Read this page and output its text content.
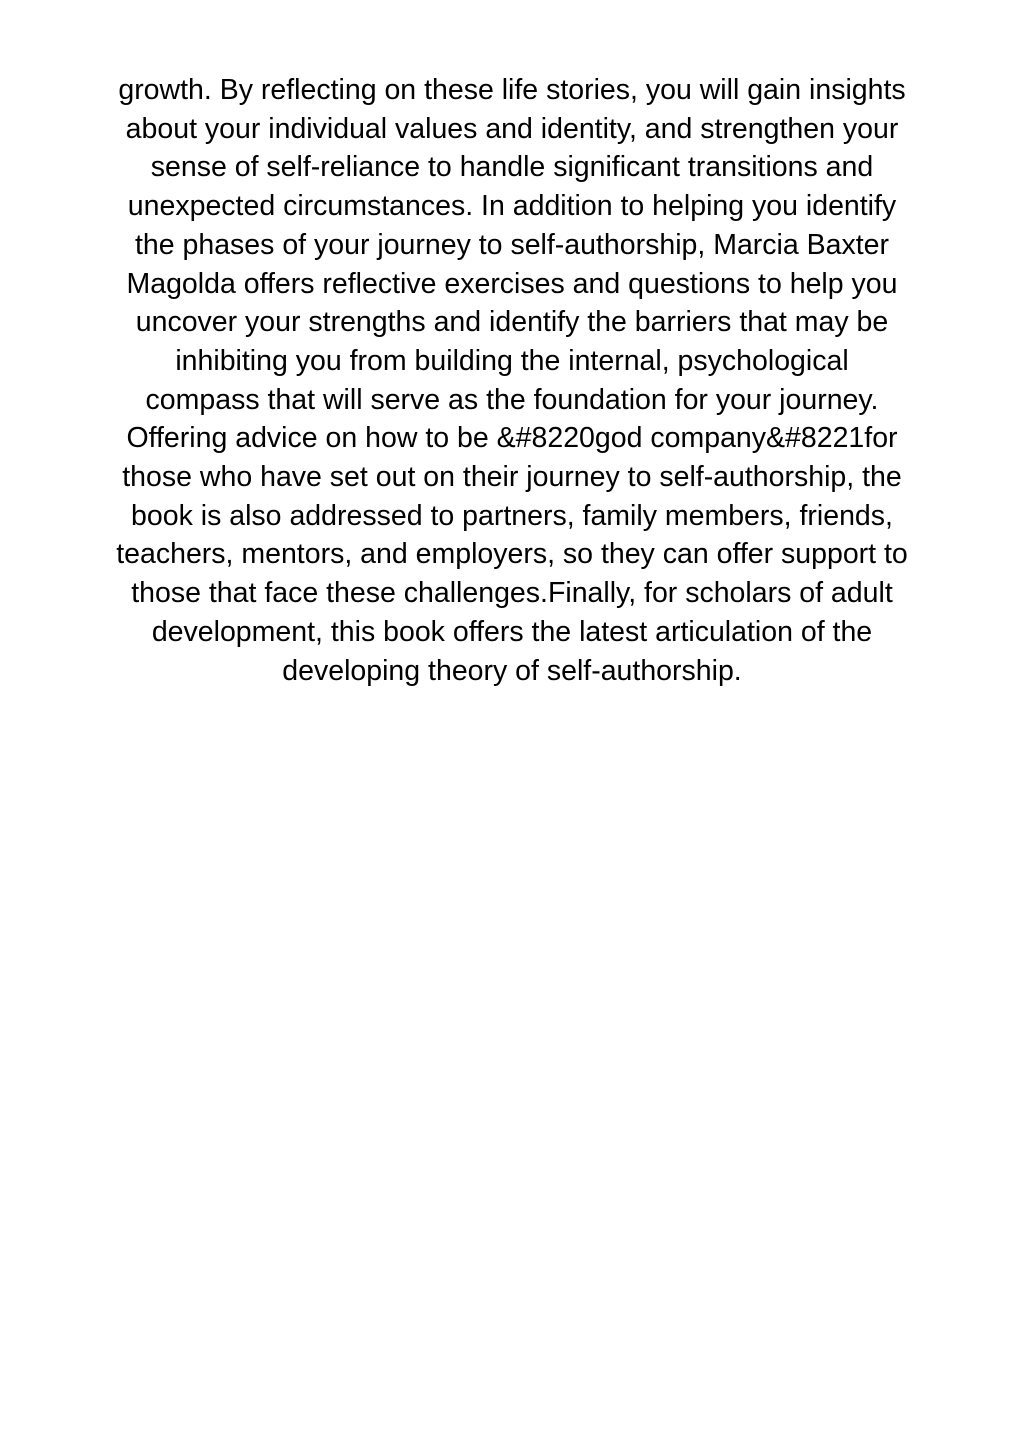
growth. By reflecting on these life stories, you will gain insights
about your individual values and identity, and strengthen your
sense of self-reliance to handle significant transitions and
unexpected circumstances. In addition to helping you identify
the phases of your journey to self-authorship, Marcia Baxter
Magolda offers reflective exercises and questions to help you
uncover your strengths and identify the barriers that may be
inhibiting you from building the internal, psychological
compass that will serve as the foundation for your journey.
Offering advice on how to be &#8220god company&#8221for
those who have set out on their journey to self-authorship, the
book is also addressed to partners, family members, friends,
teachers, mentors, and employers, so they can offer support to
those that face these challenges.Finally, for scholars of adult
development, this book offers the latest articulation of the
developing theory of self-authorship.
